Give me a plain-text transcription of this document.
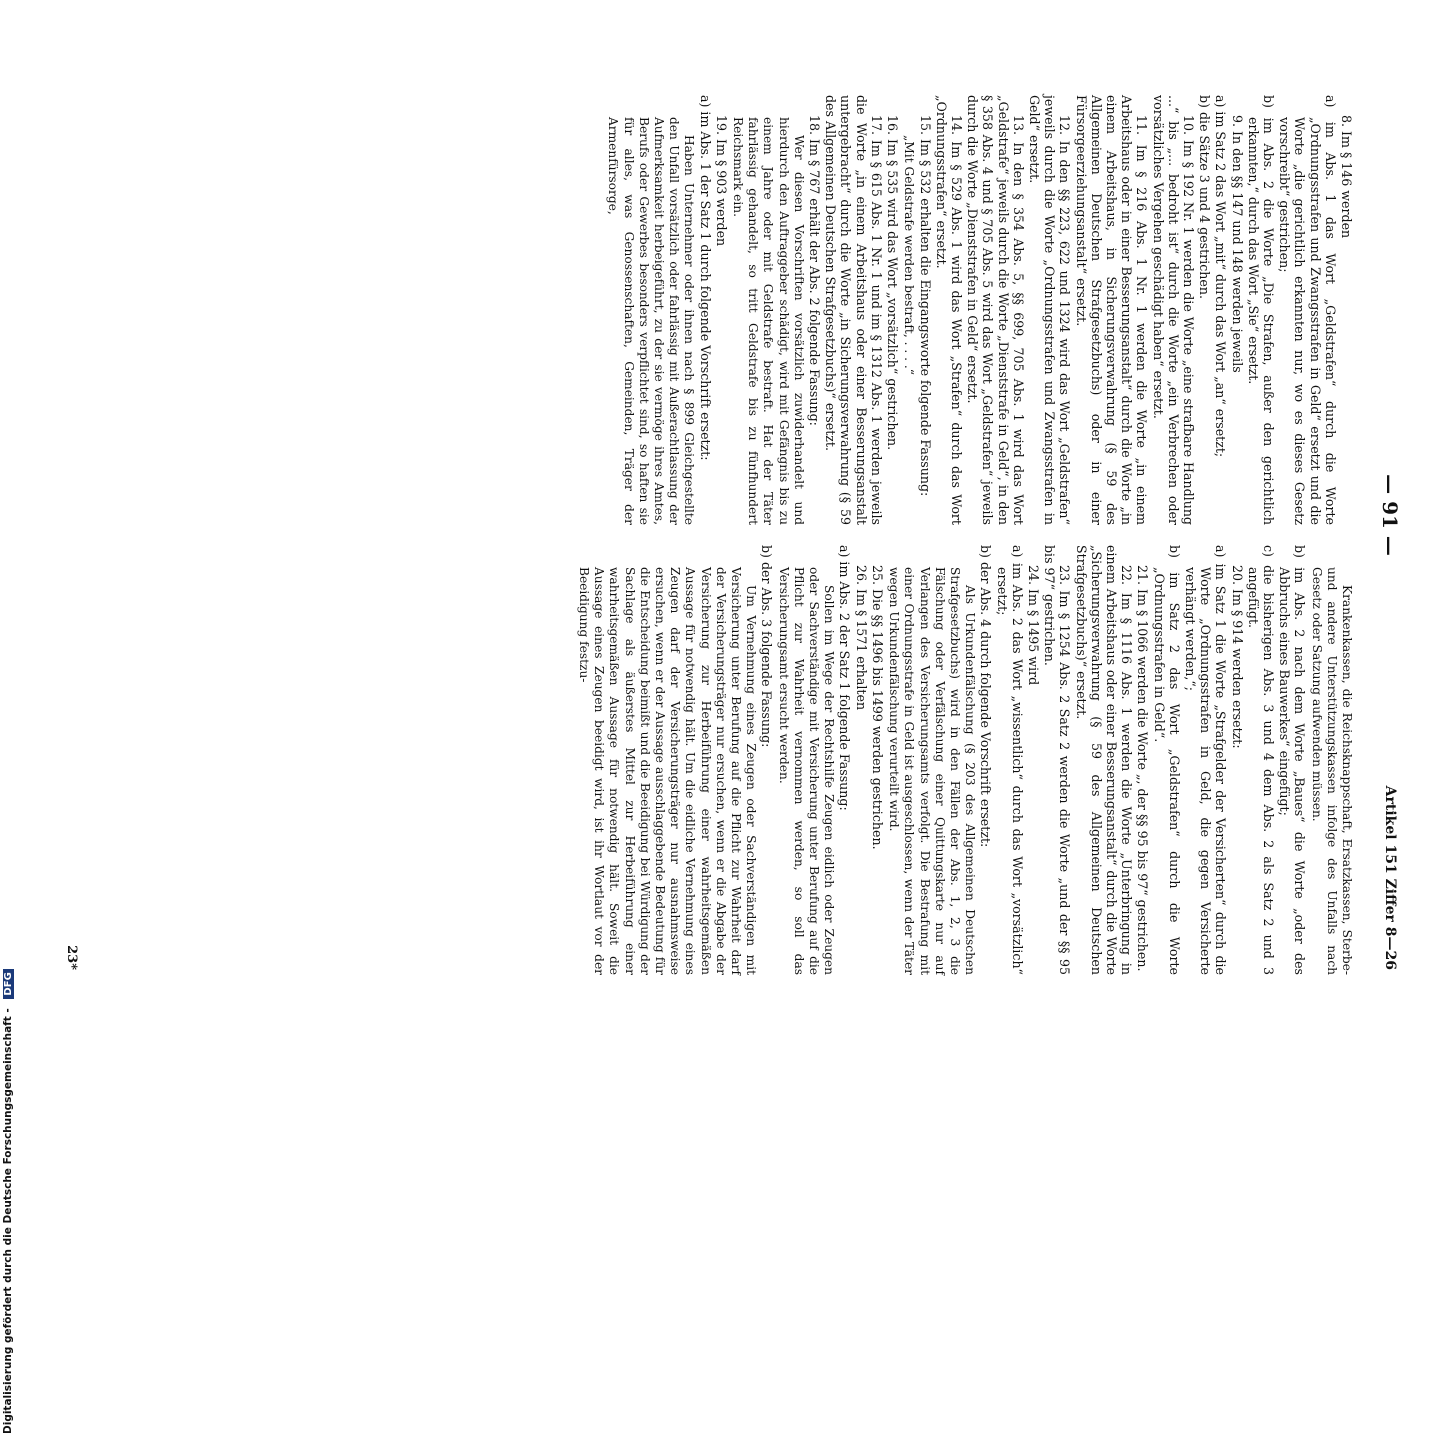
— 91 —
Artikel 151 Ziffer 8—26

8. Im § 146 werden

a) im Abs. 1 das Wort „Geldstrafen“ durch die Worte „Ordnungsstrafen und Zwangsstrafen in Geld“ ersetzt und die Worte „die gerichtlich erkannten nur, wo es dieses Gesetz vorschreibt“ gestrichen;

b) im Abs. 2 die Worte „Die Strafen, außer den gerichtlich erkannten,“ durch das Wort „Sie“ ersetzt.

9. In den §§ 147 und 148 werden jeweils

a) im Satz 2 das Wort „mit“ durch das Wort „an“ ersetzt;

b) die Sätze 3 und 4 gestrichen.

10. Im § 192 Nr. 1 werden die Worte „eine strafbare Handlung ...“ bis „... bedroht ist“ durch die Worte „ein Verbrechen oder vorsätzliches Vergehen geschädigt haben“ ersetzt.

11. Im § 216 Abs. 1 Nr. 1 werden die Worte „in einem Arbeitshaus oder in einer Besserungsanstalt“ durch die Worte „in einem Arbeitshaus, in Sicherungsverwahrung (§ 59 des Allgemeinen Deutschen Strafgesetzbuchs) oder in einer Fürsorgeerziehungsanstalt“ ersetzt.

12. In den §§ 223, 622 und 1324 wird das Wort „Geldstrafen“ jeweils durch die Worte „Ordnungsstrafen und Zwangsstrafen in Geld“ ersetzt.

13. In den § 354 Abs. 5, §§ 699, 705 Abs. 1 wird das Wort „Geldstrafe“ jeweils durch die Worte „Dienststrafe in Geld“, in den § 358 Abs. 4 und § 705 Abs. 5 wird das Wort „Geldstrafen“ jeweils durch die Worte „Dienststrafen in Geld“ ersetzt.

14. Im § 529 Abs. 1 wird das Wort „Strafen“ durch das Wort „Ordnungsstrafen“ ersetzt.

15. Im § 532 erhalten die Eingangsworte folgende Fassung:

„Mit Geldstrafe werden bestraft, . . . .“

16. Im § 535 wird das Wort „vorsätzlich“ gestrichen.

17. Im § 615 Abs. 1 Nr. 1 und im § 1312 Abs. 1 werden jeweils die Worte „in einem Arbeitshaus oder einer Besserungsanstalt untergebracht“ durch die Worte „in Sicherungsverwahrung (§ 59 des Allgemeinen Deutschen Strafgesetzbuchs)“ ersetzt.

18. Im § 767 erhält der Abs. 2 folgende Fassung:

Wer diesen Vorschriften vorsätzlich zuwiderhandelt und hierdurch den Auftraggeber schädigt, wird mit Gefängnis bis zu einem Jahre oder mit Geldstrafe bestraft. Hat der Täter fahrlässig gehandelt, so tritt Geldstrafe bis zu fünfhundert Reichsmark ein.

19. Im § 903 werden

a) im Abs. 1 der Satz 1 durch folgende Vorschrift ersetzt:

Haben Unternehmer oder ihnen nach § 899 Gleichgestellte den Unfall vorsätzlich oder fahrlässig mit Außerachtlassung der Aufmerksamkeit herbeigeführt, zu der sie vermöge ihres Amtes, Berufs oder Gewerbes besonders verpflichtet sind, so haften sie für alles, was Genossenschaften, Gemeinden, Träger der Armenfürsorge,

Krankenkassen, die Reichsknappschaft, Ersatzkassen, Sterbe- und andere Unterstützungskassen infolge des Unfalls nach Gesetz oder Satzung aufwenden müssen.

b) im Abs. 2 nach dem Worte „Baues“ die Worte „oder des Abbruchs eines Bauwerkes“ eingefügt;

c) die bisherigen Abs. 3 und 4 dem Abs. 2 als Satz 2 und 3 angefügt.

20. Im § 914 werden ersetzt:

a) im Satz 1 die Worte „Strafgelder der Versicherten“ durch die Worte „Ordnungsstrafen in Geld, die gegen Versicherte verhängt werden,“;

b) im Satz 2 das Wort „Geldstrafen“ durch die Worte „Ordnungsstrafen in Geld“.

21. Im § 1066 werden die Worte „, der §§ 95 bis 97“ gestrichen.

22. Im § 1116 Abs. 1 werden die Worte „Unterbringung in einem Arbeitshaus oder einer Besserungsanstalt“ durch die Worte „Sicherungsverwahrung (§ 59 des Allgemeinen Deutschen Strafgesetzbuchs)“ ersetzt.

23. Im § 1254 Abs. 2 Satz 2 werden die Worte „und der §§ 95 bis 97“ gestrichen.

24. Im § 1495 wird

a) im Abs. 2 das Wort „wissentlich“ durch das Wort „vorsätzlich“ ersetzt;

b) der Abs. 4 durch folgende Vorschrift ersetzt:

Als Urkundenfälschung (§ 203 des Allgemeinen Deutschen Strafgesetzbuchs) wird in den Fällen der Abs. 1, 2, 3 die Fälschung oder Verfälschung einer Quittungskarte nur auf Verlangen des Versicherungsamts verfolgt. Die Bestrafung mit einer Ordnungsstrafe in Geld ist ausgeschlossen, wenn der Täter wegen Urkundenfälschung verurteilt wird.

25. Die §§ 1496 bis 1499 werden gestrichen.

26. Im § 1571 erhalten

a) im Abs. 2 der Satz 1 folgende Fassung:

Sollen im Wege der Rechtshilfe Zeugen eidlich oder Zeugen oder Sachverständige mit Versicherung unter Berufung auf die Pflicht zur Wahrheit vernommen werden, so soll das Versicherungsamt ersucht werden.

b) der Abs. 3 folgende Fassung:

Um Vernehmung eines Zeugen oder Sachverständigen mit Versicherung unter Berufung auf die Pflicht zur Wahrheit darf der Versicherungsträger nur ersuchen, wenn er die Abgabe der Versicherung zur Herbeiführung einer wahrheitsgemäßen Aussage für notwendig hält. Um die eidliche Vernehmung eines Zeugen darf der Versicherungsträger nur ausnahmsweise ersuchen, wenn er der Aussage ausschlaggebende Bedeutung für die Entscheidung beimißt und die Beeidigung bei Würdigung der Sachlage als äußerstes Mittel zur Herbeiführung einer wahrheitsgemäßen Aussage für notwendig hält. Soweit die Aussage eines Zeugen beeidigt wird, ist ihr Wortlaut vor der Beeidigung festzu-

23*
Digitalisierung gefördert durch die Deutsche Forschungsgemeinschaft - DFG
